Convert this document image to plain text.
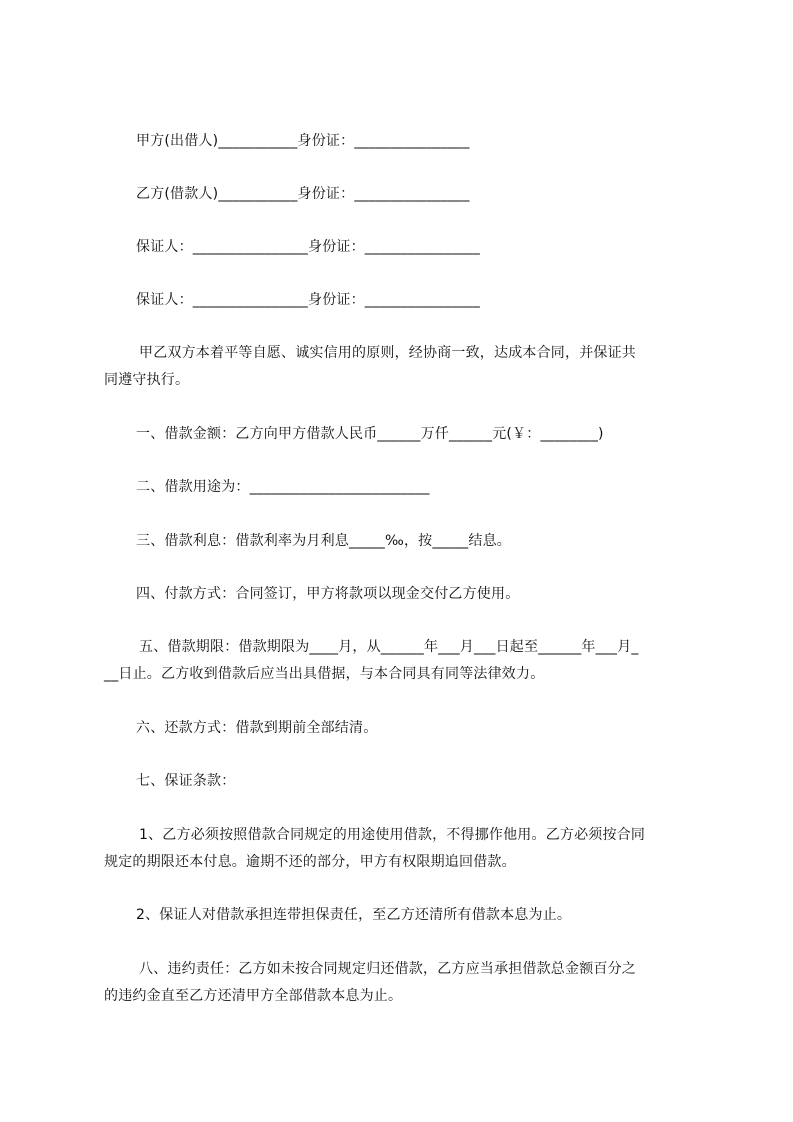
甲方(出借人)___________身份证：________________
乙方(借款人)___________身份证：________________
保证人：________________身份证：________________
保证人：________________身份证：________________
甲乙双方本着平等自愿、诚实信用的原则，经协商一致，达成本合同，并保证共
同遵守执行。
一、借款金额：乙方向甲方借款人民币______万仟______元(￥：________)
二、借款用途为：_________________________
三、借款利息：借款利率为月利息_____‰，按_____结息。
四、付款方式：合同签订，甲方将款项以现金交付乙方使用。
五、借款期限：借款期限为____月，从______年___月___日起至______年___月_
__日止。乙方收到借款后应当出具借据，与本合同具有同等法律效力。
六、还款方式：借款到期前全部结清。
七、保证条款：
1、乙方必须按照借款合同规定的用途使用借款，不得挪作他用。乙方必须按合同
规定的期限还本付息。逾期不还的部分，甲方有权限期追回借款。
2、保证人对借款承担连带担保责任，至乙方还清所有借款本息为止。
八、违约责任：乙方如未按合同规定归还借款，乙方应当承担借款总金额百分之
的违约金直至乙方还清甲方全部借款本息为止。
